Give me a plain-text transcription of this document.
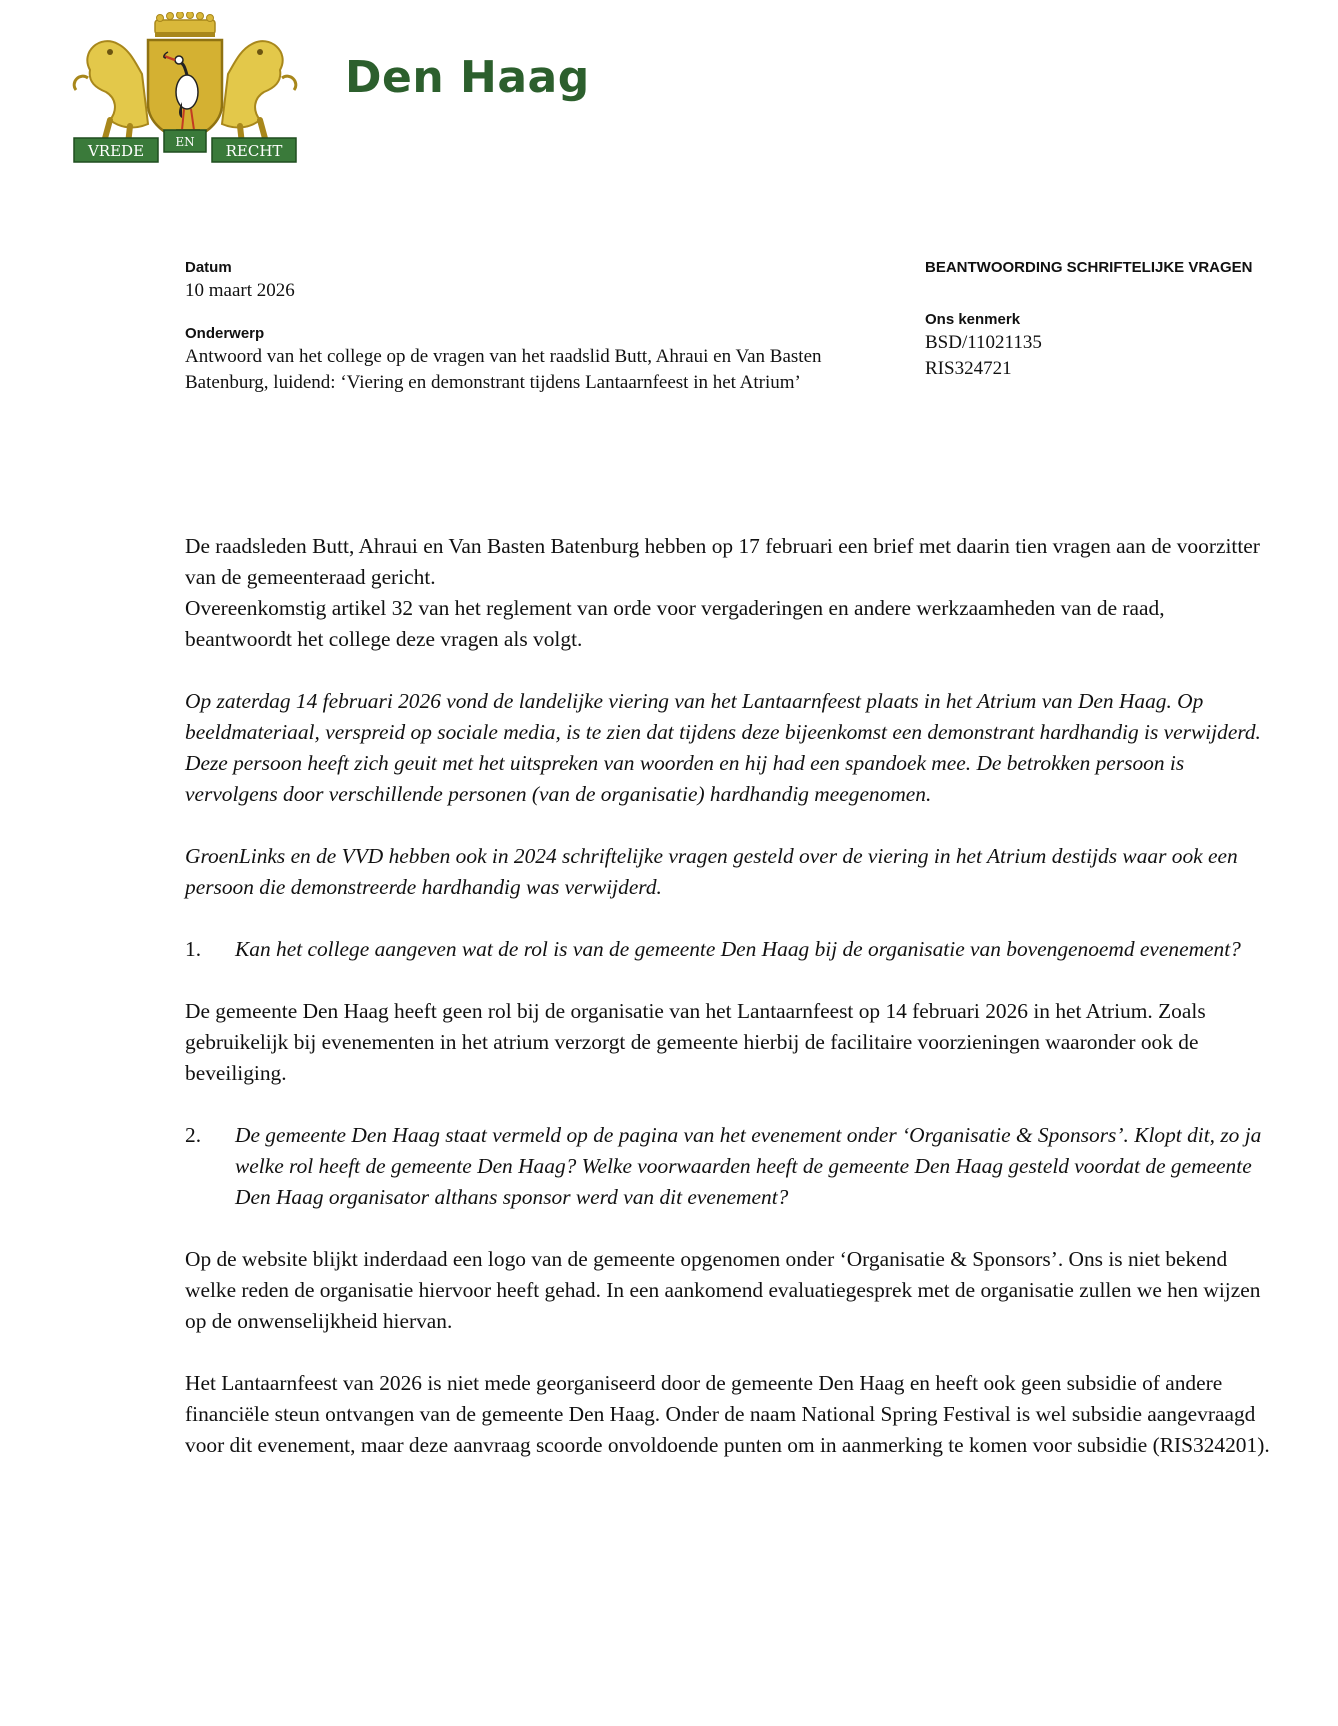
VREDE	EN RECHT
Den Haag

Datum

10 maart 2026

Onderwerp

Antwoord van het college op de vragen van het raadslid Butt, Ahraui en Van Basten Batenburg, luidend: ‘Viering en demonstrant tijdens Lantaarnfeest in het Atrium’

BEANTWOORDING SCHRIFTELIJKE VRAGEN

Ons kenmerk

BSD/11021135

RIS324721

De raadsleden Butt, Ahraui en Van Basten Batenburg hebben op 17 februari een brief met daarin tien vragen aan de voorzitter van de gemeenteraad gericht.

Overeenkomstig artikel 32 van het reglement van orde voor vergaderingen en andere werkzaamheden van de raad, beantwoordt het college deze vragen als volgt.

Op zaterdag 14 februari 2026 vond de landelijke viering van het Lantaarnfeest plaats in het Atrium van Den Haag. Op beeldmateriaal, verspreid op sociale media, is te zien dat tijdens deze bijeenkomst een demonstrant hardhandig is verwijderd. Deze persoon heeft zich geuit met het uitspreken van woorden en hij had een spandoek mee. De betrokken persoon is vervolgens door verschillende personen (van de organisatie) hardhandig meegenomen.

GroenLinks en de VVD hebben ook in 2024 schriftelijke vragen gesteld over de viering in het Atrium destijds waar ook een persoon die demonstreerde hardhandig was verwijderd.

1.	Kan het college aangeven wat de rol is van de gemeente Den Haag bij de organisatie van bovengenoemd evenement?

De gemeente Den Haag heeft geen rol bij de organisatie van het Lantaarnfeest op 14 februari 2026 in het Atrium. Zoals gebruikelijk bij evenementen in het atrium verzorgt de gemeente hierbij de facilitaire voorzieningen waaronder ook de beveiliging.

2.	De gemeente Den Haag staat vermeld op de pagina van het evenement onder ‘Organisatie & Sponsors’. Klopt dit, zo ja welke rol heeft de gemeente Den Haag? Welke voorwaarden heeft de gemeente Den Haag gesteld voordat de gemeente Den Haag organisator althans sponsor werd van dit evenement?

Op de website blijkt inderdaad een logo van de gemeente opgenomen onder ‘Organisatie & Sponsors’. Ons is niet bekend welke reden de organisatie hiervoor heeft gehad. In een aankomend evaluatiegesprek met de organisatie zullen we hen wijzen op de onwenselijkheid hiervan.

Het Lantaarnfeest van 2026 is niet mede georganiseerd door de gemeente Den Haag en heeft ook geen subsidie of andere financiële steun ontvangen van de gemeente Den Haag. Onder de naam National Spring Festival is wel subsidie aangevraagd voor dit evenement, maar deze aanvraag scoorde onvoldoende punten om in aanmerking te komen voor subsidie (RIS324201).
